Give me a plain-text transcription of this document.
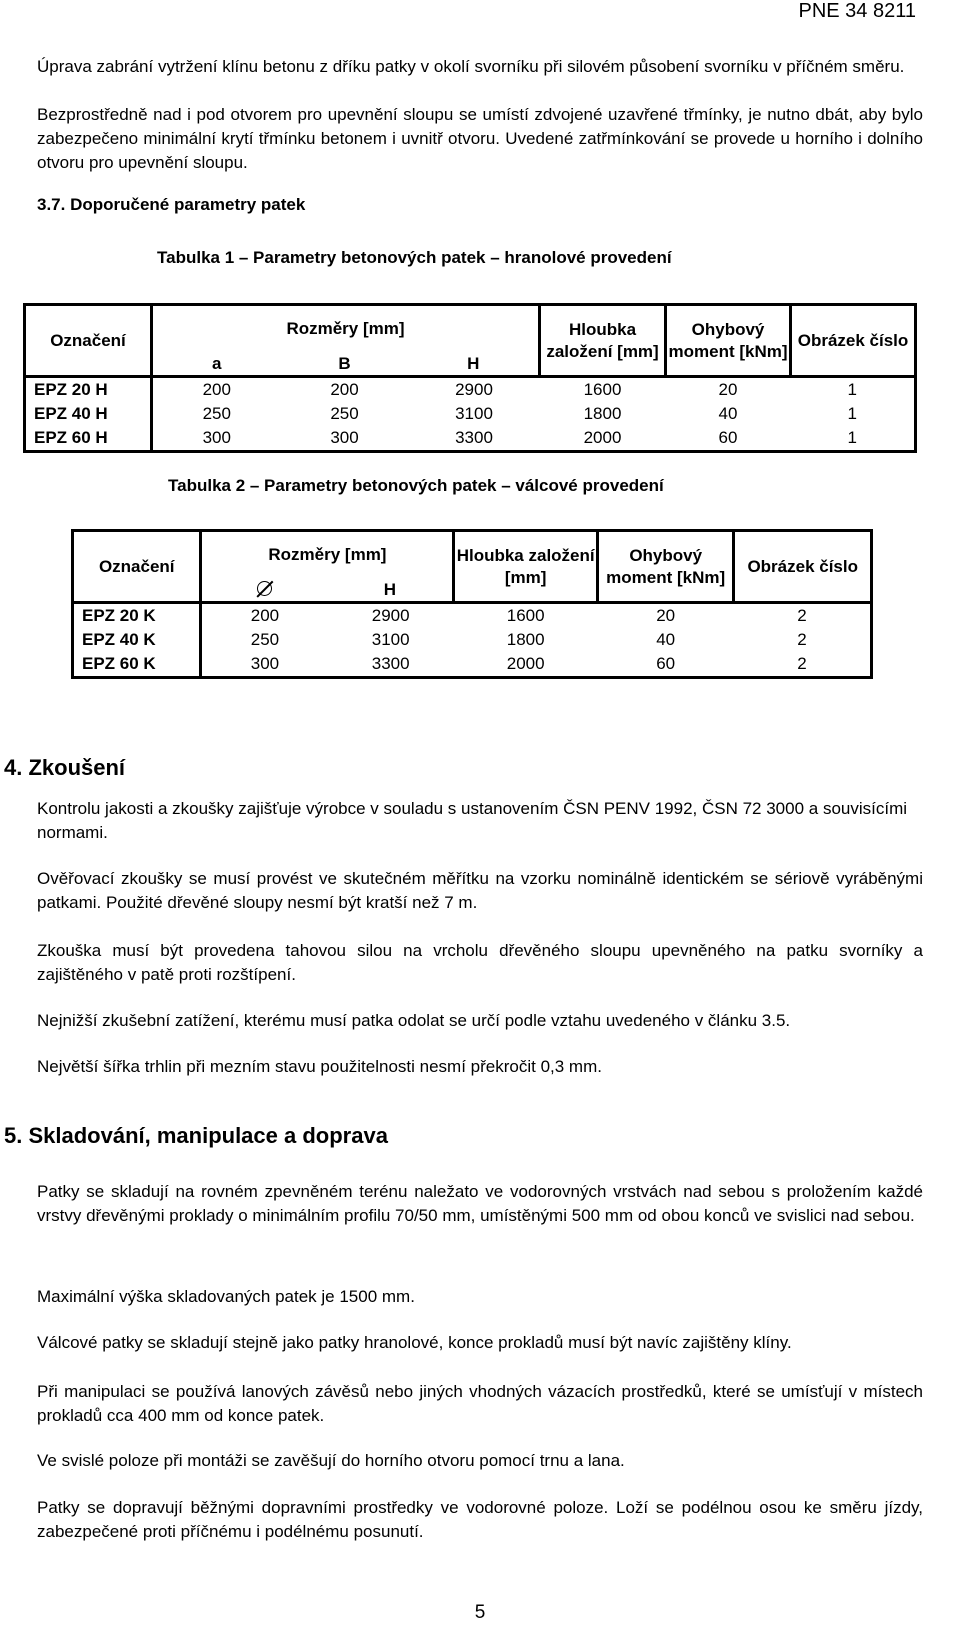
PNE 34 8211

Úprava zabrání vytržení klínu betonu z dříku patky v okolí svorníku při silovém působení svorníku v příčném směru.

Bezprostředně nad i pod otvorem pro upevnění sloupu se umístí zdvojené uzavřené třmínky, je nutno dbát, aby bylo zabezpečeno minimální krytí třmínku betonem i uvnitř otvoru. Uvedené zatřmínkování se provede u horního i dolního otvoru pro upevnění sloupu.

3.7. Doporučené parametry patek

Tabulka 1 – Parametry betonových patek – hranolové provedení

Označení	Rozměry [mm]			Hloubka založení [mm]	Ohybový moment [kNm]	Obrázek číslo
	a	B	H			
EPZ 20 H	200	200	2900	1600	20	1
EPZ 40 H	250	250	3100	1800	40	1
EPZ 60 H	300	300	3300	2000	60	1

Tabulka 2 – Parametry betonových patek – válcové provedení

Označení	Rozměry [mm]		Hloubka založení [mm]	Ohybový moment [kNm]	Obrázek číslo
		H			
EPZ 20 K	200	2900	1600	20	2
EPZ 40 K	250	3100	1800	40	2
EPZ 60 K	300	3300	2000	60	2

4. Zkoušení

Kontrolu jakosti a zkoušky zajišťuje výrobce v souladu s ustanovením ČSN PENV 1992, ČSN 72 3000 a souvisícími normami.

Ověřovací zkoušky se musí provést ve skutečném měřítku na vzorku nominálně identickém se sériově vyráběnými patkami. Použité dřevěné sloupy nesmí být kratší než 7 m.

Zkouška musí být provedena tahovou silou na vrcholu dřevěného sloupu upevněného na patku svorníky a zajištěného v patě proti rozštípení.

Nejnižší zkušební zatížení, kterému musí patka odolat se určí podle vztahu uvedeného v článku 3.5.

Největší šířka trhlin při mezním stavu použitelnosti nesmí překročit 0,3 mm.

5. Skladování, manipulace a doprava

Patky se skladují na rovném zpevněném terénu naležato ve vodorovných vrstvách nad sebou s proložením každé vrstvy dřevěnými proklady o minimálním profilu 70/50 mm, umístěnými 500 mm od obou konců ve svislici nad sebou.

Maximální výška skladovaných patek je 1500 mm.

Válcové patky se skladují stejně jako patky hranolové, konce prokladů musí být navíc zajištěny klíny.

Při manipulaci se používá lanových závěsů nebo jiných vhodných vázacích prostředků, které se umísťují v místech prokladů cca 400 mm od konce patek.

Ve svislé poloze při montáži se zavěšují do horního otvoru pomocí trnu a lana.

Patky se dopravují běžnými dopravními prostředky ve vodorovné poloze. Loží se podélnou osou ke směru jízdy, zabezpečené proti příčnému i podélnému posunutí.

5
